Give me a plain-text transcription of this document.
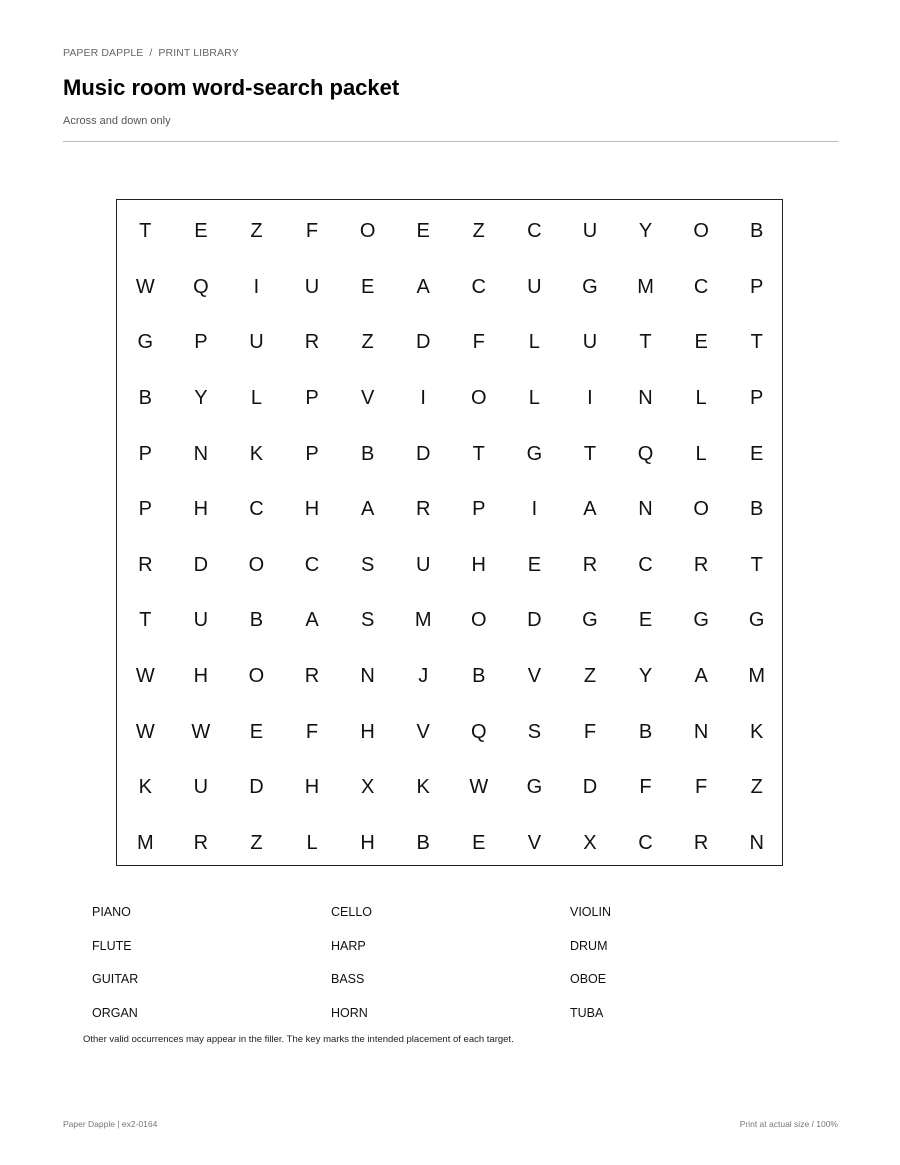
PAPER DAPPLE / PRINT LIBRARY
Music room word-search packet
Across and down only
T	E	Z	F	O	E	Z	C	U	Y	O	B
W	Q	I	U	E	A	C	U	G	M	C	P
G	P	U	R	Z	D	F	L	U	T	E	T
B	Y	L	P	V	I	O	L	I	N	L	P
P	N	K	P	B	D	T	G	T	Q	L	E
P	H	C	H	A	R	P	I	A	N	O	B
R	D	O	C	S	U	H	E	R	C	R	T
T	U	B	A	S	M	O	D	G	E	G	G
W	H	O	R	N	J	B	V	Z	Y	A	M
W	W	E	F	H	V	Q	S	F	B	N	K
K	U	D	H	X	K	W	G	D	F	F	Z
M	R	Z	L	H	B	E	V	X	C	R	N
PIANO	CELLO	VIOLIN
FLUTE	HARP	DRUM
GUITAR	BASS	OBOE
ORGAN	HORN	TUBA
Other valid occurrences may appear in the filler. The key marks the intended placement of each target.
Paper Dapple | ex2-0164	Print at actual size / 100%
